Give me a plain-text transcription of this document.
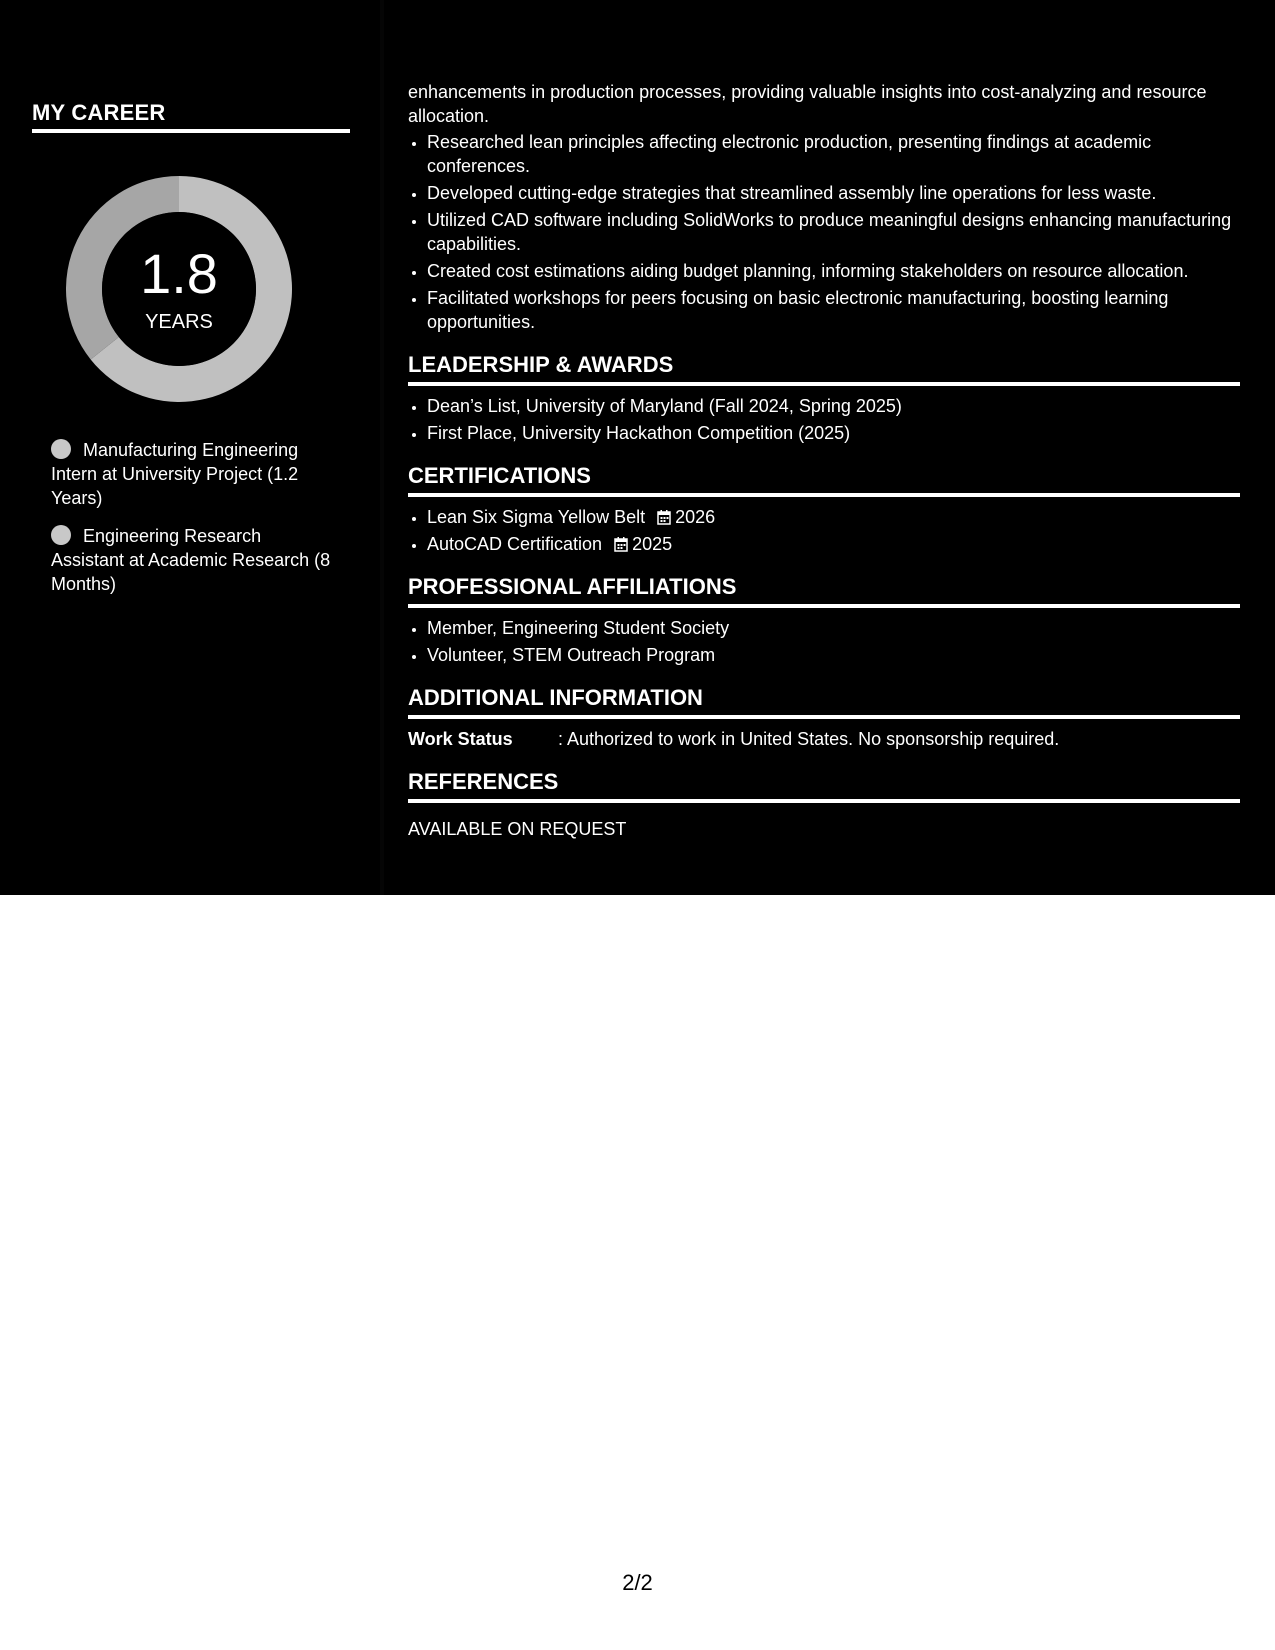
MY CAREER
1.8
YEARS
Manufacturing Engineering Intern at University Project (1.2 Years)
Engineering Research Assistant at Academic Research (8 Months)

enhancements in production processes, providing valuable insights into cost-analyzing and resource allocation.

• Researched lean principles affecting electronic production, presenting findings at academic conferences.
• Developed cutting-edge strategies that streamlined assembly line operations for less waste.
• Utilized CAD software including SolidWorks to produce meaningful designs enhancing manufacturing capabilities.
• Created cost estimations aiding budget planning, informing stakeholders on resource allocation.
• Facilitated workshops for peers focusing on basic electronic manufacturing, boosting learning opportunities.
LEADERSHIP & AWARDS
• Dean’s List, University of Maryland (Fall 2024, Spring 2025)
• First Place, University Hackathon Competition (2025)
CERTIFICATIONS
• Lean Six Sigma Yellow Belt 2026
• AutoCAD Certification 2025
PROFESSIONAL AFFILIATIONS
• Member, Engineering Student Society
• Volunteer, STEM Outreach Program
ADDITIONAL INFORMATION
Work Status	: Authorized to work in United States. No sponsorship required.
REFERENCES
AVAILABLE ON REQUEST
2/2
